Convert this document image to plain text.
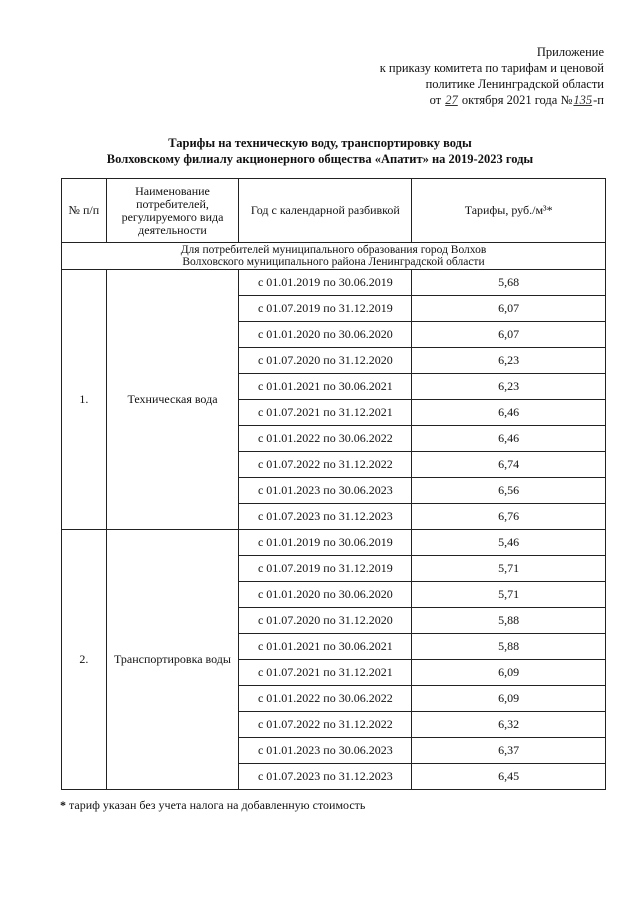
Приложение
к приказу комитета по тарифам и ценовой
политике Ленинградской области
от 27 октября 2021 года №135-п
Тарифы на техническую воду, транспортировку воды
Волховскому филиалу акционерного общества «Апатит» на 2019-2023 годы
№ п/п	Наименование потребителей, регулируемого вида деятельности	Год с календарной разбивкой	Тарифы, руб./м³*

Для потребителей муниципального образования город Волхов
Волховского муниципального района Ленинградской области			

1.	Техническая вода	с 01.01.2019 по 30.06.2019	5,68
		с 01.07.2019 по 31.12.2019	6,07
		с 01.01.2020 по 30.06.2020	6,07
		с 01.07.2020 по 31.12.2020	6,23
		с 01.01.2021 по 30.06.2021	6,23
		с 01.07.2021 по 31.12.2021	6,46
		с 01.01.2022 по 30.06.2022	6,46
		с 01.07.2022 по 31.12.2022	6,74
		с 01.01.2023 по 30.06.2023	6,56
		с 01.07.2023 по 31.12.2023	6,76
2.	Транспортировка воды	с 01.01.2019 по 30.06.2019	5,46
		с 01.07.2019 по 31.12.2019	5,71
		с 01.01.2020 по 30.06.2020	5,71
		с 01.07.2020 по 31.12.2020	5,88
		с 01.01.2021 по 30.06.2021	5,88
		с 01.07.2021 по 31.12.2021	6,09
		с 01.01.2022 по 30.06.2022	6,09
		с 01.07.2022 по 31.12.2022	6,32
		с 01.01.2023 по 30.06.2023	6,37
		с 01.07.2023 по 31.12.2023	6,45
* тариф указан без учета налога на добавленную стоимость
